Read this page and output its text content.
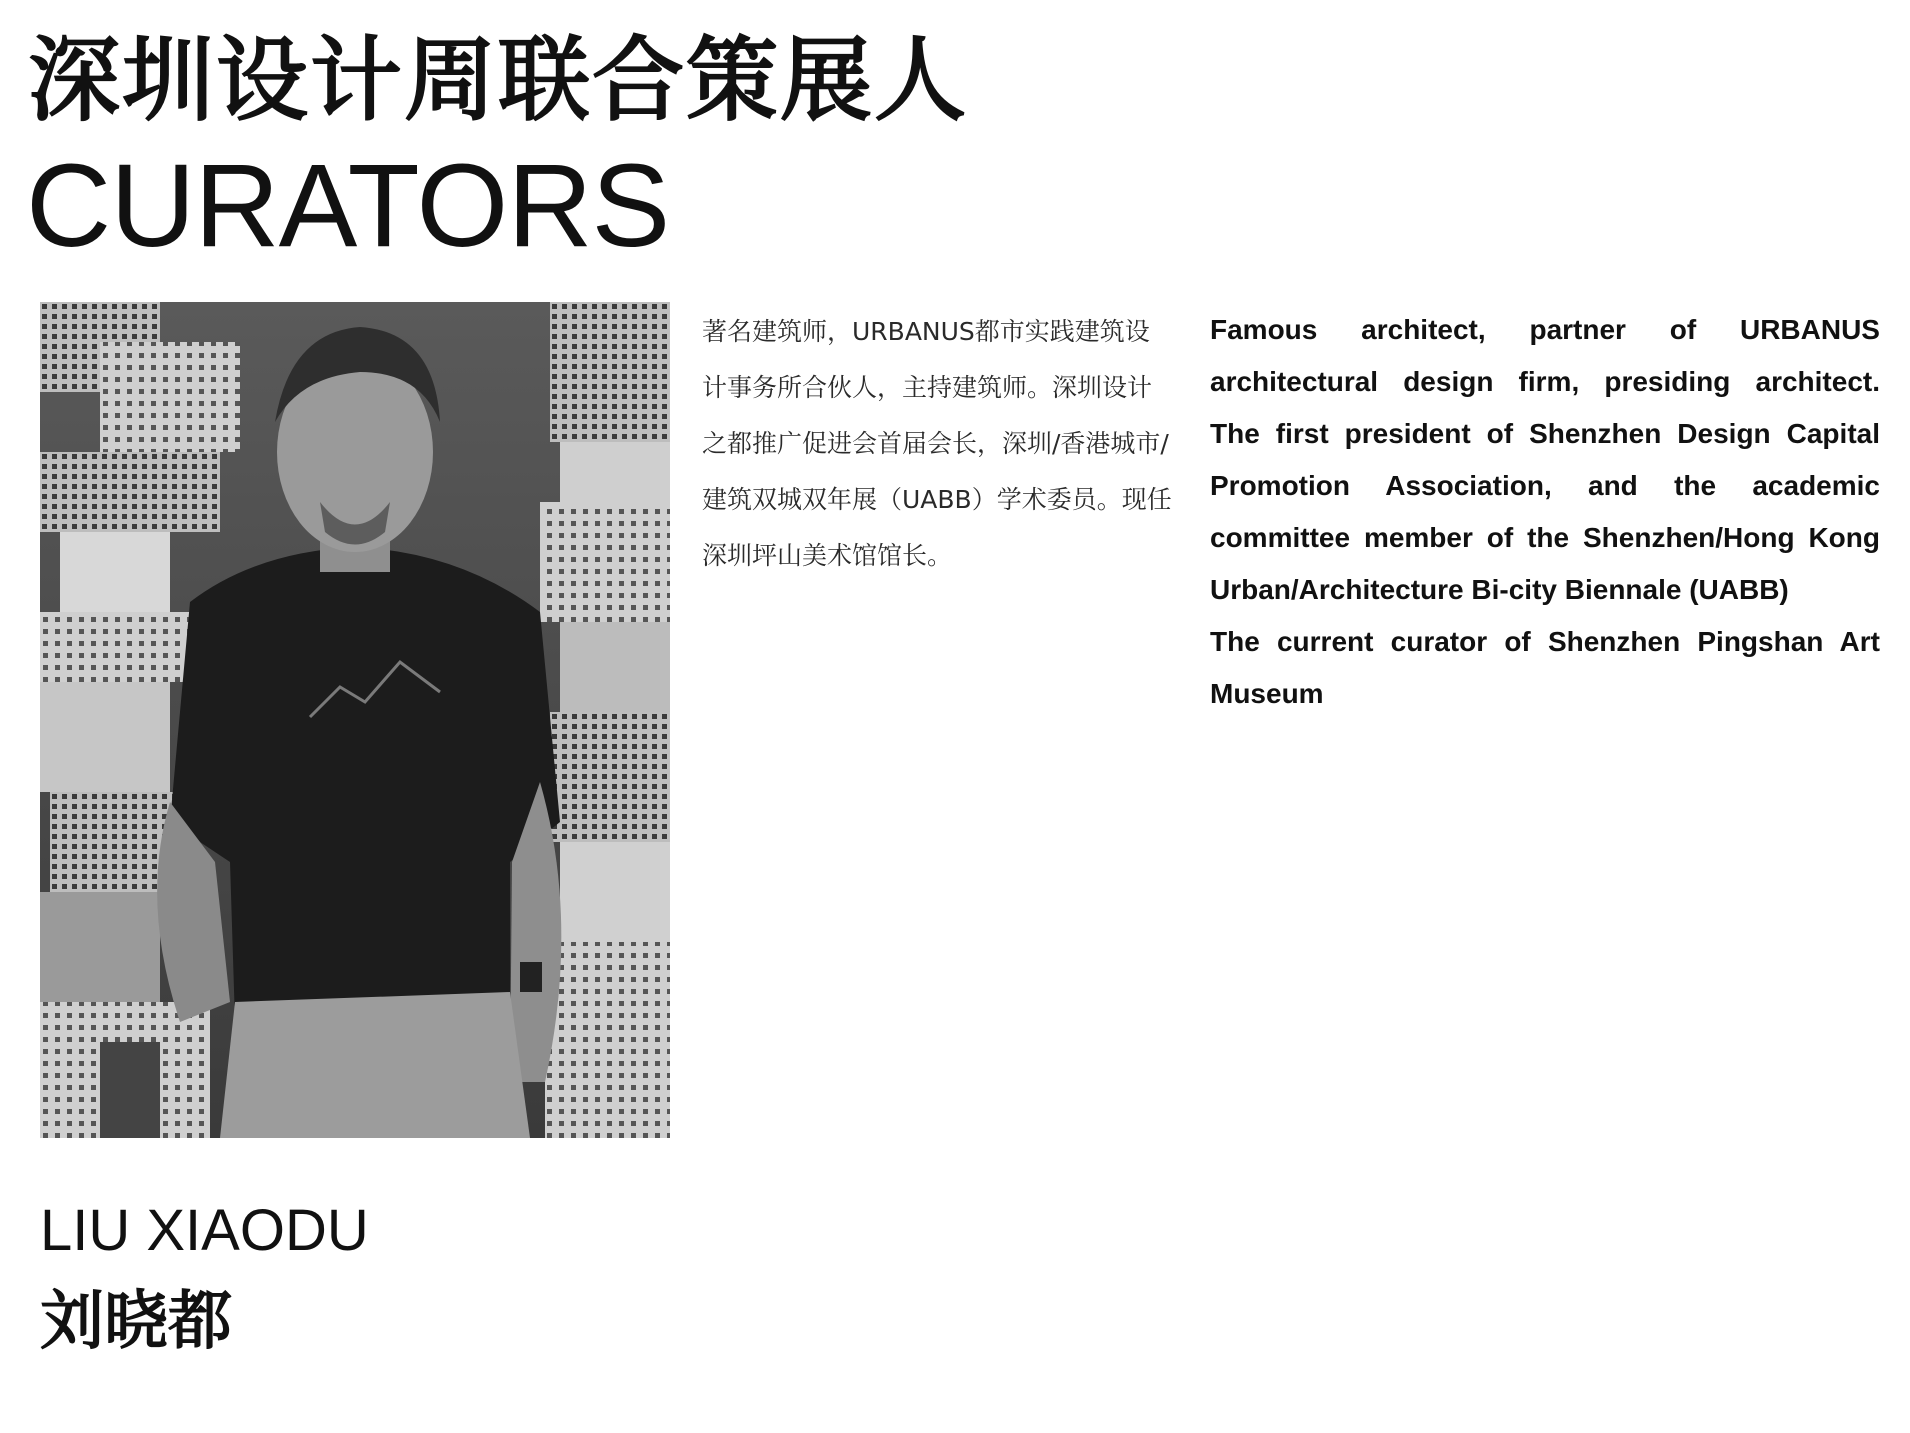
深圳设计周联合策展人
CURATORS

著名建筑师，URBANUS都市实践建筑设计事务所合伙人，主持建筑师。深圳设计之都推广促进会首届会长，深圳/香港城市/建筑双城双年展（UABB）学术委员。现任深圳坪山美术馆馆长。

Famous architect, partner of URBANUS
architectural design firm, presiding architect.
The first president of Shenzhen Design Capital
Promotion Association, and the academic
committee member of the Shenzhen/Hong Kong
Urban/Architecture Bi-city Biennale (UABB)
The current curator of Shenzhen Pingshan Art
Museum
LIU XIAODU
刘晓都
